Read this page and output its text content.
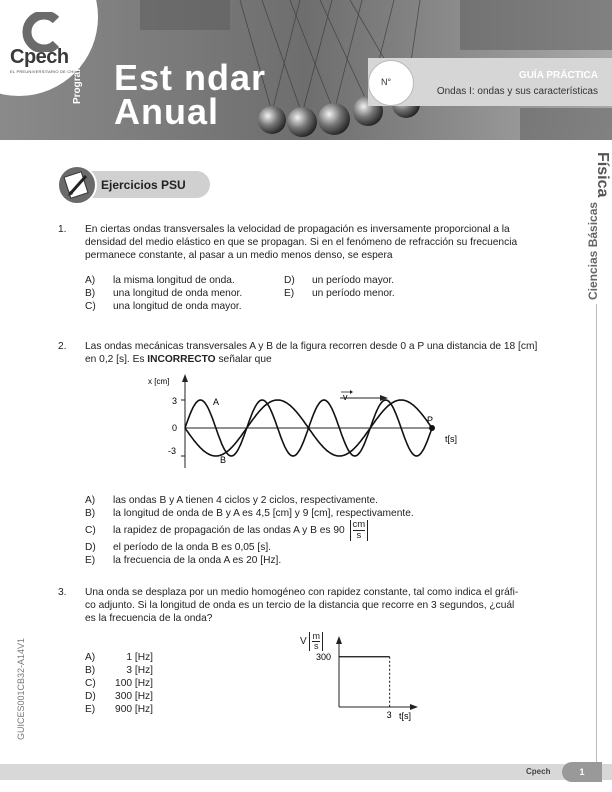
Cpech
EL PREUNIVERSITARIO DE CHILE
Programa Est ndar
Anual
N°
GUÍA PRÁCTICA
Ondas I: ondas y sus características
Física
Ciencias Básicas
GUICES001CB32-A14V1
Ejercicios PSU
1. En ciertas ondas transversales la velocidad de propagación es inversamente proporcional a la
densidad del medio elástico en que se propagan. Si en el fenómeno de refracción su frecuencia
permanece constante, al pasar a un medio menos denso, se espera
A) la misma longitud de onda.
B) una longitud de onda menor.
C) una longitud de onda mayor.
D) un período mayor.
E) un período menor.
2. Las ondas mecánicas transversales A y B de la figura recorren desde 0 a P una distancia de 18 [cm]
en 0,2 [s]. Es INCORRECTO señalar que
x [cm]
3
0
-3
A
B
P
t[s]
v
A) las ondas B y A tienen 4 ciclos y 2 ciclos, respectivamente.
B) la longitud de onda de B y A es 4,5 [cm] y 9 [cm], respectivamente.
C) la rapidez de propagación de las ondas A y B es $90 \frac{cm}{s}$
D) el período de la onda B es 0,05 [s].
E) la frecuencia de la onda A es 20 [Hz].
3. Una onda se desplaza por un medio homogéneo con rapidez constante, tal como indica el gráfi-
co adjunto. Si la longitud de onda es un tercio de la distancia que recorre en 3 segundos, ¿cuál
es la frecuencia de la onda?
A)	1 [Hz]
B)	3 [Hz]
C) 100 [Hz]
D) 300 [Hz]
E) 900 [Hz]
V $\frac{m}{s}$
300
3 t[s]
Cpech	1
